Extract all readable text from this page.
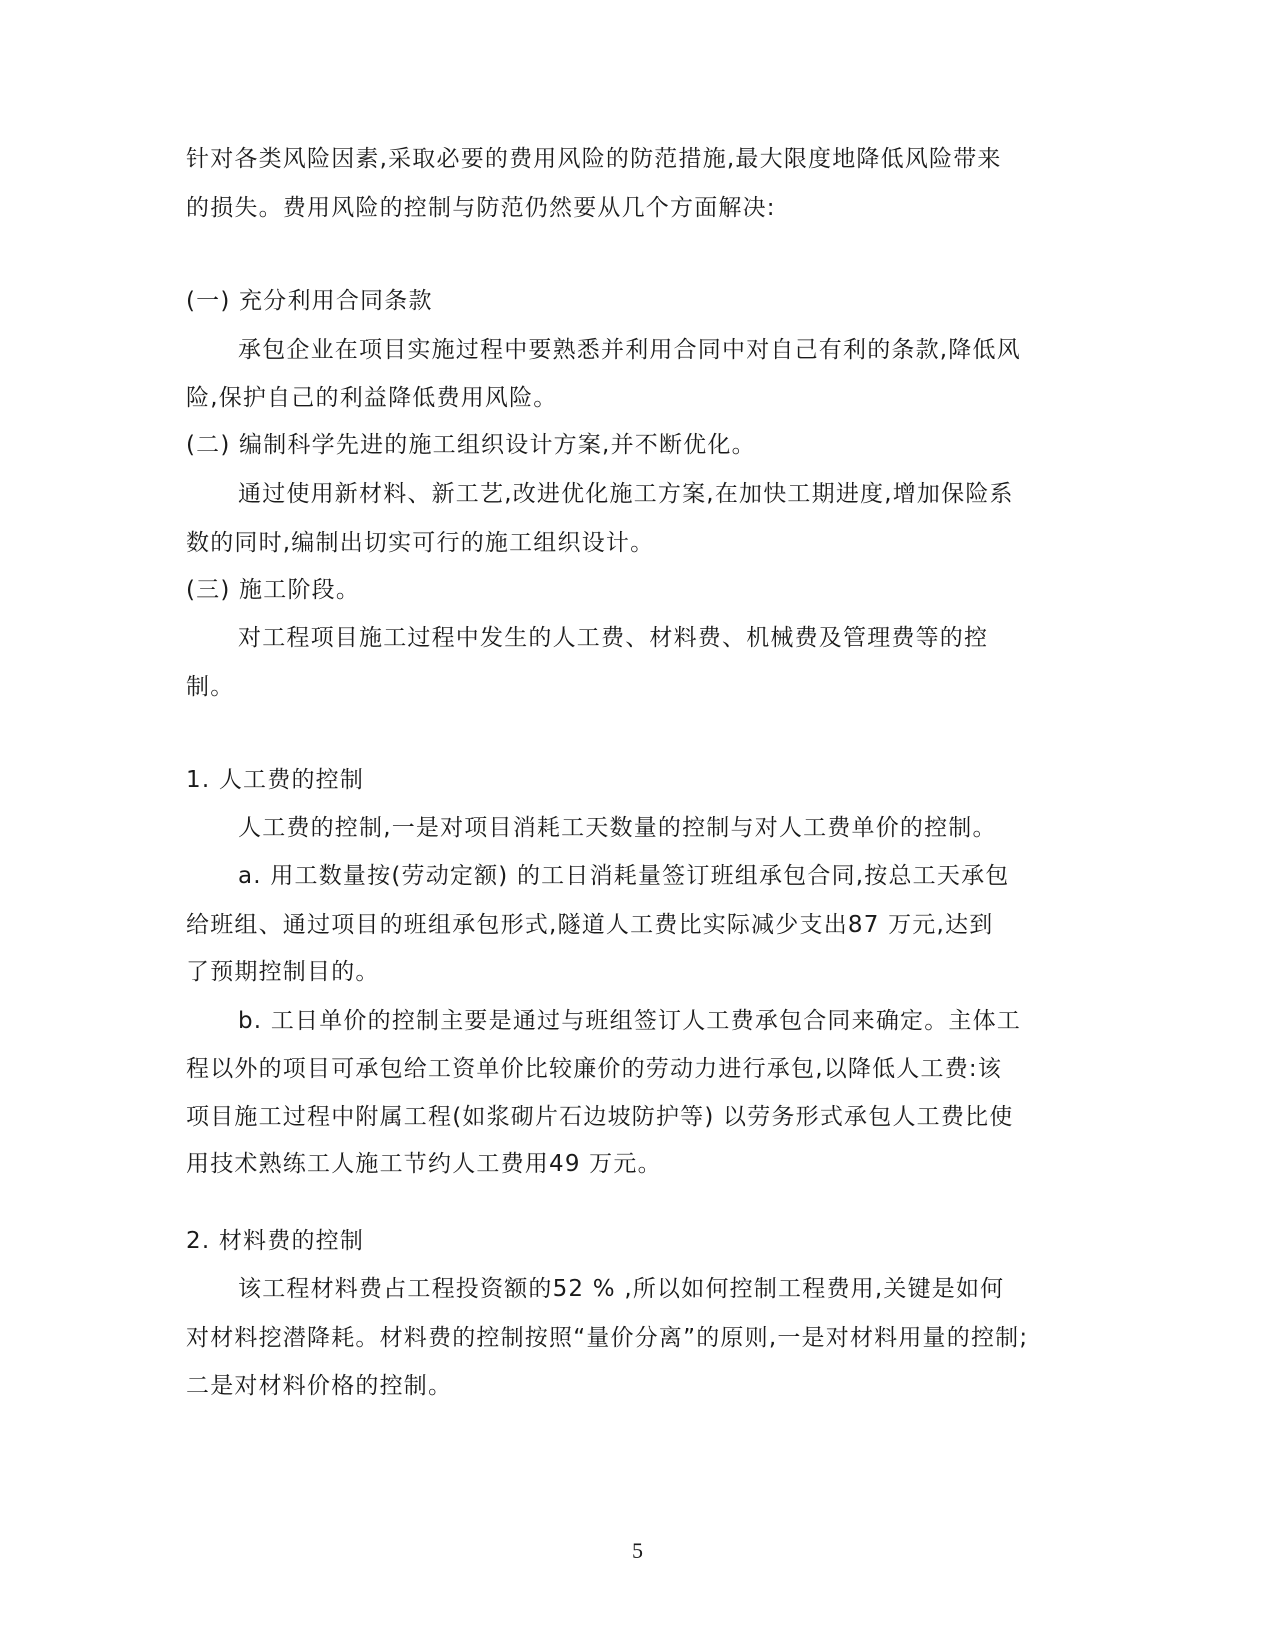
针对各类风险因素,采取必要的费用风险的防范措施,最大限度地降低风险带来
的损失。费用风险的控制与防范仍然要从几个方面解决:
(一) 充分利用合同条款
承包企业在项目实施过程中要熟悉并利用合同中对自己有利的条款,降低风
险,保护自己的利益降低费用风险。
(二) 编制科学先进的施工组织设计方案,并不断优化。
通过使用新材料、新工艺,改进优化施工方案,在加快工期进度,增加保险系
数的同时,编制出切实可行的施工组织设计。
(三) 施工阶段。
对工程项目施工过程中发生的人工费、材料费、机械费及管理费等的控
制。
1. 人工费的控制
人工费的控制,一是对项目消耗工天数量的控制与对人工费单价的控制。
a. 用工数量按(劳动定额) 的工日消耗量签订班组承包合同,按总工天承包
给班组、通过项目的班组承包形式,隧道人工费比实际减少支出87 万元,达到
了预期控制目的。
b. 工日单价的控制主要是通过与班组签订人工费承包合同来确定。主体工
程以外的项目可承包给工资单价比较廉价的劳动力进行承包,以降低人工费:该
项目施工过程中附属工程(如浆砌片石边坡防护等) 以劳务形式承包人工费比使
用技术熟练工人施工节约人工费用49 万元。
2. 材料费的控制
该工程材料费占工程投资额的52 % ,所以如何控制工程费用,关键是如何
对材料挖潜降耗。材料费的控制按照“量价分离”的原则,一是对材料用量的控制;
二是对材料价格的控制。
5
